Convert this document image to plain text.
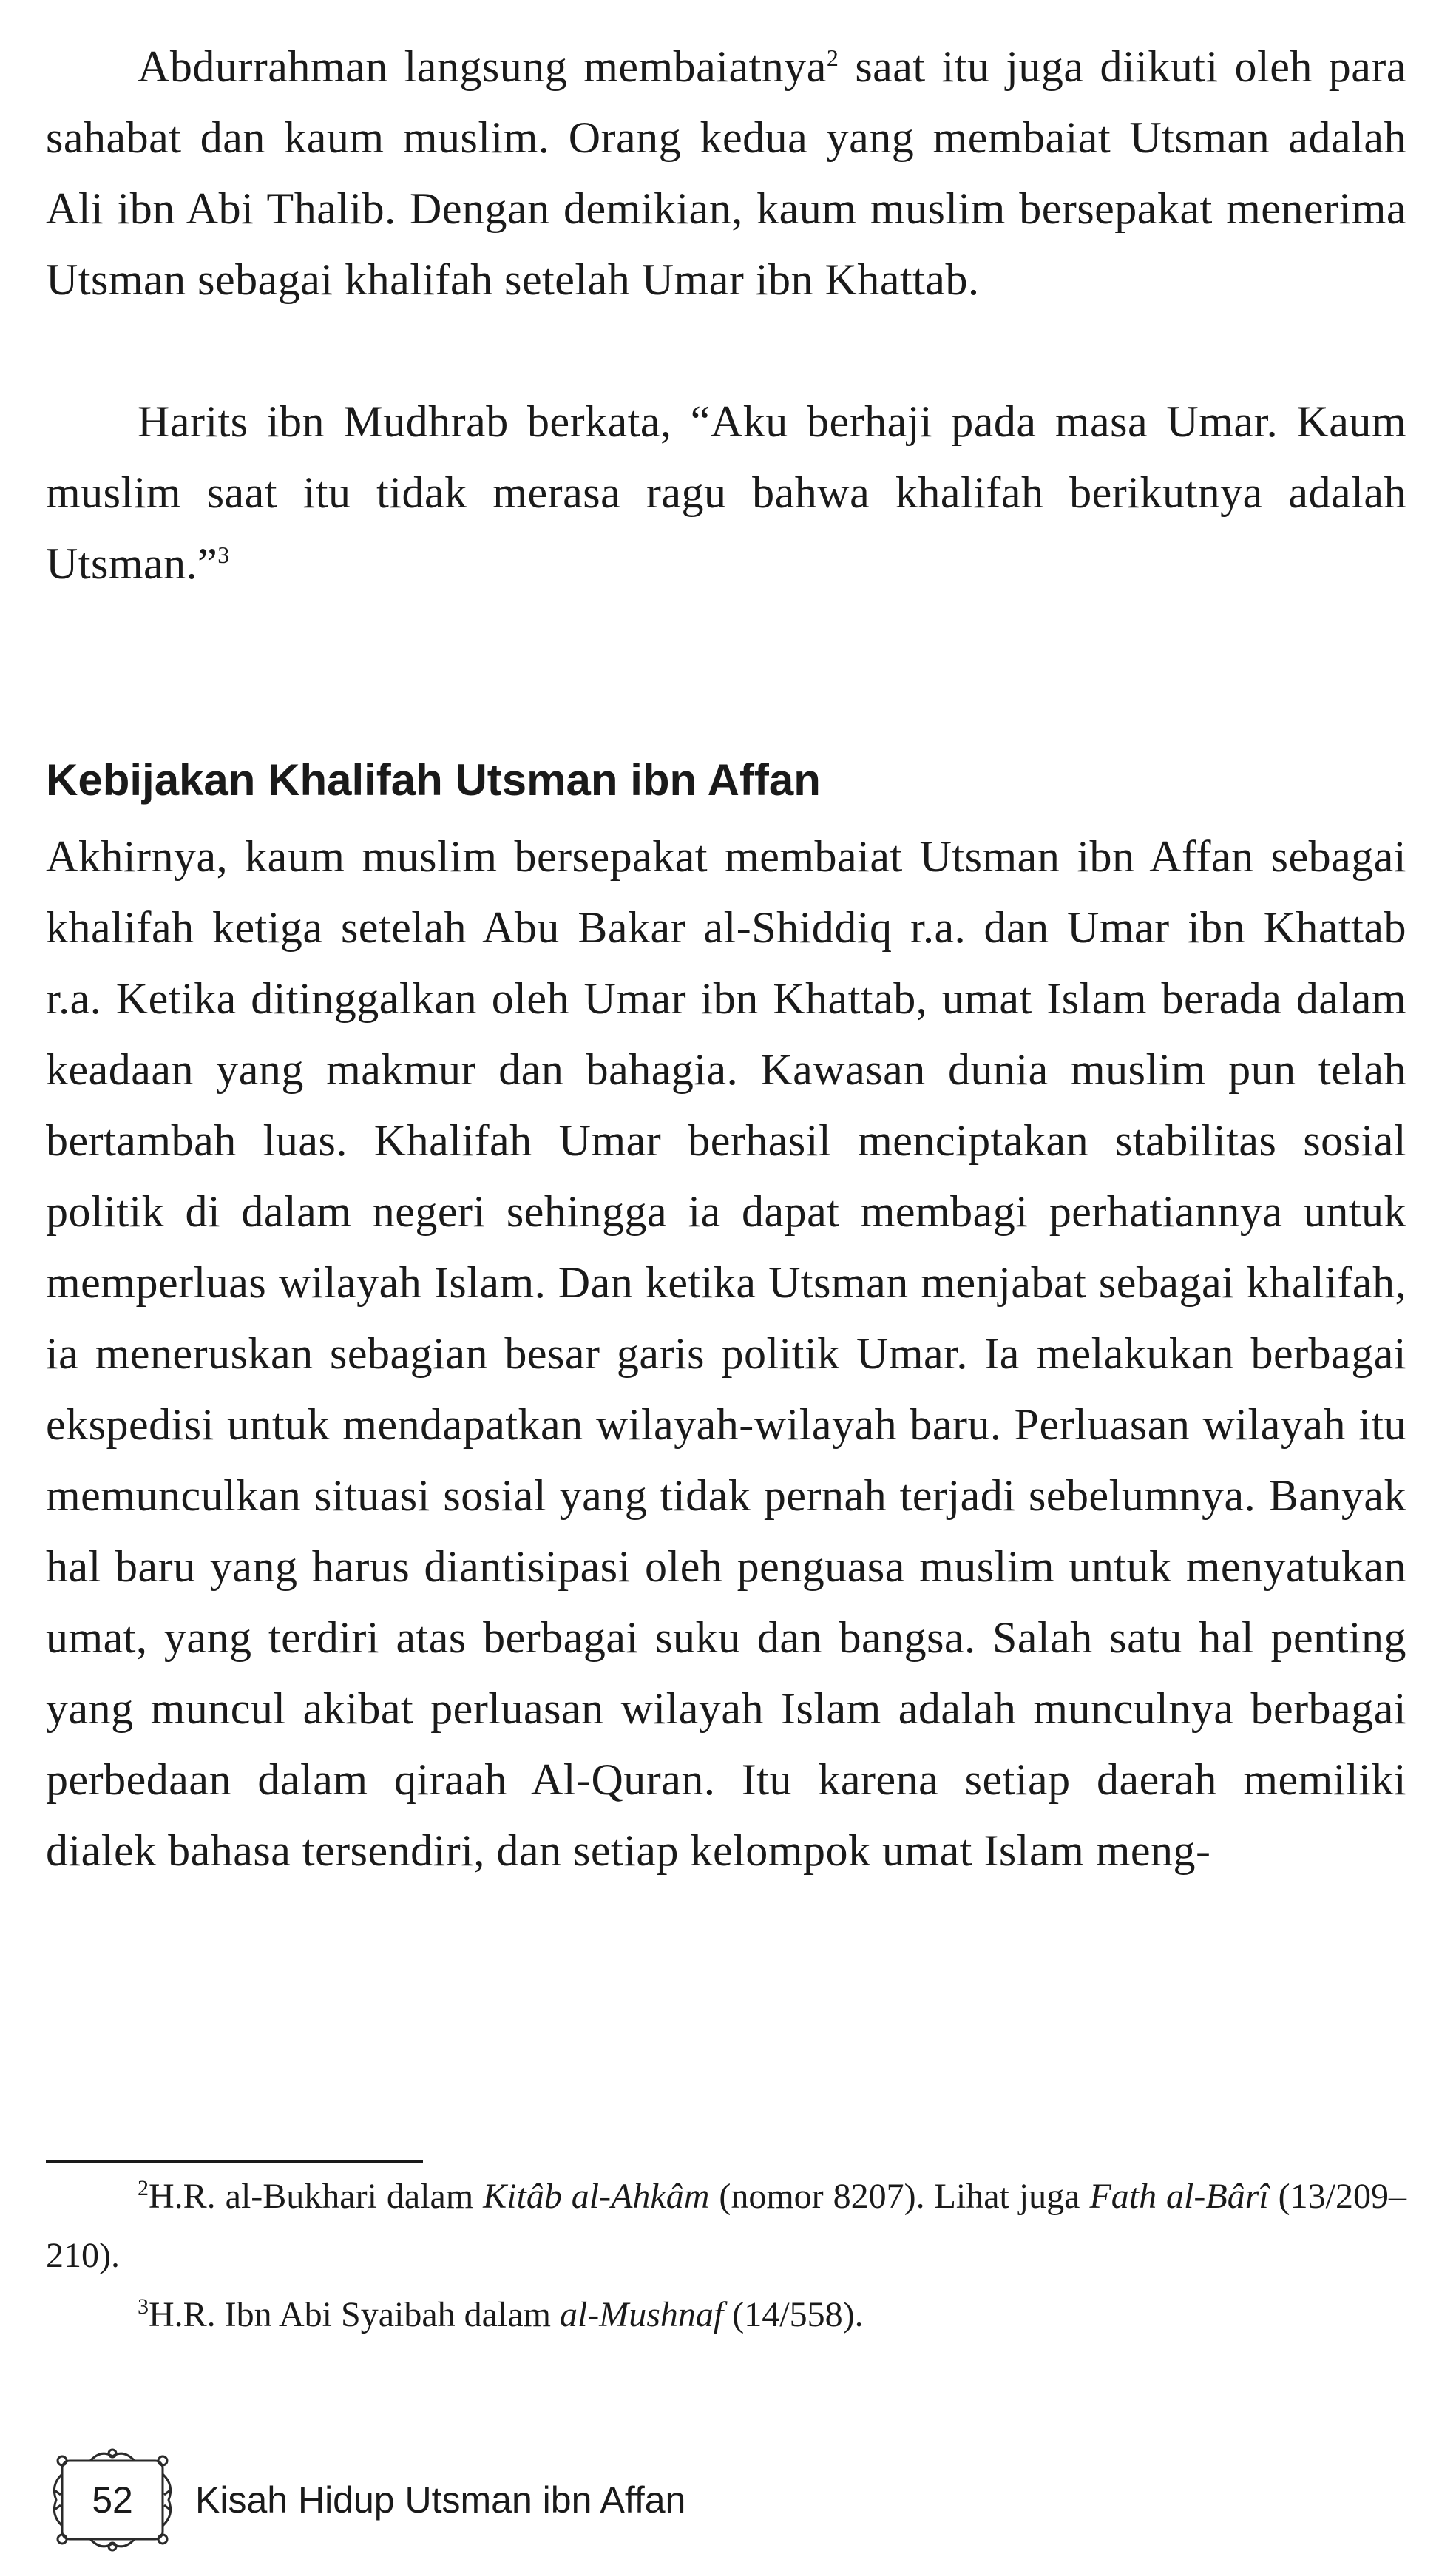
Abdurrahman langsung membaiatnya$^2$ saat itu juga diikuti oleh para sahabat dan kaum muslim. Orang kedua yang membaiat Utsman adalah Ali ibn Abi Thalib. Dengan demikian, kaum muslim bersepakat menerima Utsman sebagai khalifah setelah Umar ibn Khattab.

Harits ibn Mudhrab berkata, “Aku berhaji pada masa Umar. Kaum muslim saat itu tidak merasa ragu bahwa khalifah berikutnya adalah Utsman.”$^3$

Kebijakan Khalifah Utsman ibn Affan

Akhirnya, kaum muslim bersepakat membaiat Utsman ibn Affan sebagai khalifah ketiga setelah Abu Bakar al-Shiddiq r.a. dan Umar ibn Khattab r.a. Ketika ditinggalkan oleh Umar ibn Khattab, umat Islam berada dalam keadaan yang makmur dan bahagia. Kawasan dunia muslim pun telah bertambah luas. Khalifah Umar berhasil menciptakan stabilitas sosial politik di dalam negeri sehingga ia dapat membagi perhatiannya untuk memperluas wilayah Islam. Dan ketika Utsman menjabat sebagai khalifah, ia meneruskan sebagian besar garis politik Umar. Ia melakukan berbagai ekspedisi untuk mendapatkan wilayah-wilayah baru. Perluasan wilayah itu memunculkan situasi sosial yang tidak pernah terjadi sebelumnya. Banyak hal baru yang harus diantisipasi oleh penguasa muslim untuk menyatukan umat, yang terdiri atas berbagai suku dan bangsa. Salah satu hal penting yang muncul akibat perluasan wilayah Islam adalah munculnya berbagai perbedaan dalam qiraah Al-Quran. Itu karena setiap daerah memiliki dialek bahasa tersendiri, dan setiap kelompok umat Islam meng-

$^2$H.R. al-Bukhari dalam Kitâb al-Ahkâm (nomor 8207). Lihat juga Fath al-Bârî (13/209–210).

$^3$H.R. Ibn Abi Syaibah dalam al-Mushnaf (14/558).

52	Kisah Hidup Utsman ibn Affan
